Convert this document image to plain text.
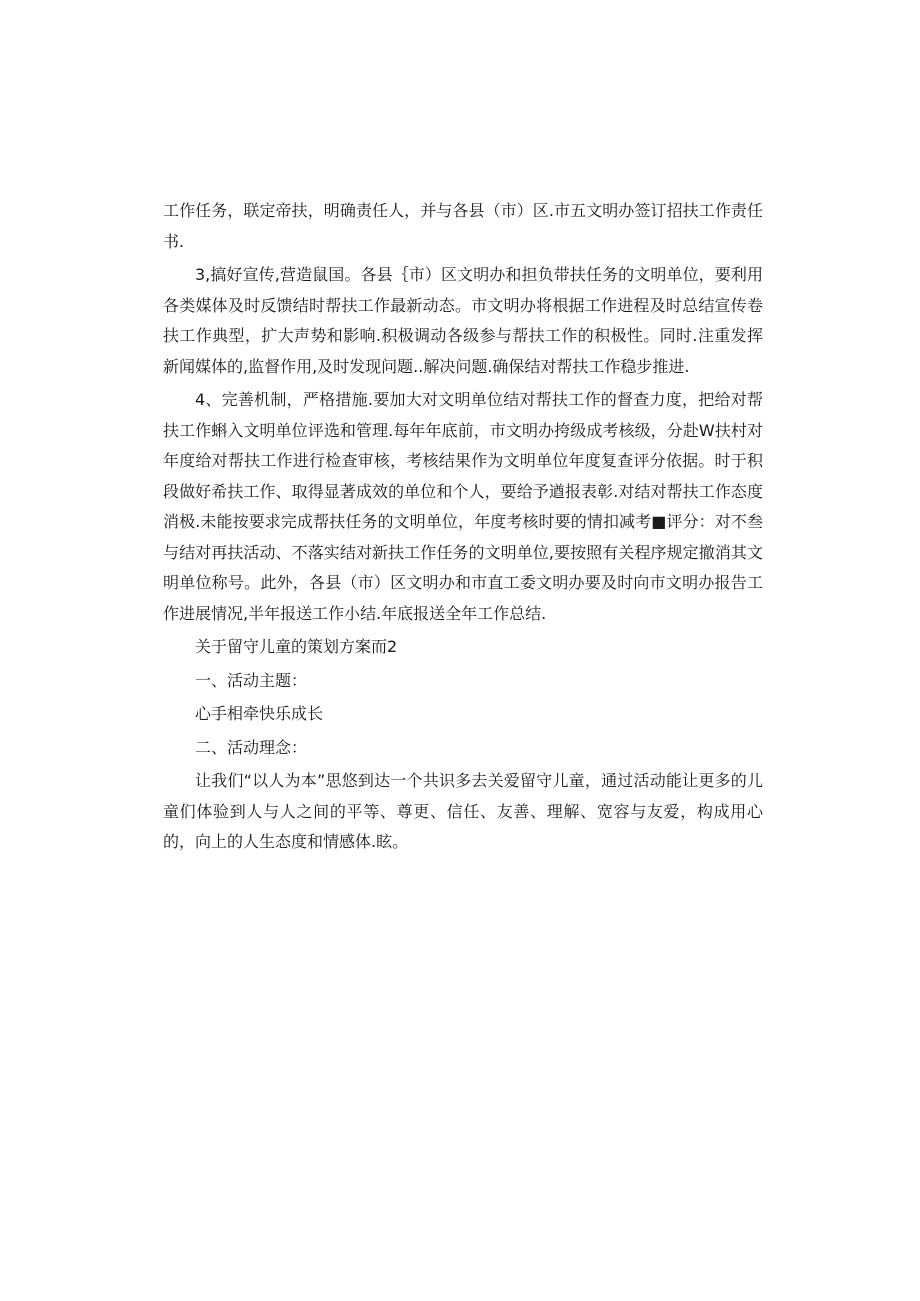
工作任务，联定帝扶，明确责任人，并与各县（市）区.市五文明办签订招扶工作责任书.

3,搞好宣传,营造鼠国。各县｛市）区文明办和担负带扶任务的文明单位，要利用各类媒体及时反馈结时帮扶工作最新动态。市文明办将根据工作进程及时总结宣传卷扶工作典型，扩大声势和影响.积极调动各级参与帮扶工作的积极性。同时.注重发挥新闻媒体的,监督作用,及时发现问题..解决问题.确保结对帮扶工作稳步推进.

4、完善机制，严格措施.要加大对文明单位结对帮扶工作的督查力度，把给对帮扶工作蝌入文明单位评选和管理.每年年底前，市文明办挎级成考核级，分赴W扶村对年度给对帮扶工作进行检查审核，考核结果作为文明单位年度复查评分依据。时于积段做好希扶工作、取得显著成效的单位和个人，要给予遒报表彰.对结对帮扶工作态度消极.未能按要求完成帮扶任务的文明单位，年度考核时要的情扣减考■评分：对不叁与结对再扶活动、不落实结对新扶工作任务的文明单位,要按照有关程序规定撤消其文明单位称号。此外，各县（市）区文明办和市直工委文明办要及时向市文明办报告工作进展情况,半年报送工作小结.年底报送全年工作总结.

关于留守儿童的策划方案而2

一、活动主题：

心手相牵快乐成长

二、活动理念：

让我们“以人为本”思悠到达一个共识多去关爱留守儿童，通过活动能让更多的儿童们体验到人与人之间的平等、尊更、信任、友善、理解、宽容与友爱，构成用心的，向上的人生态度和情感体.眩。
